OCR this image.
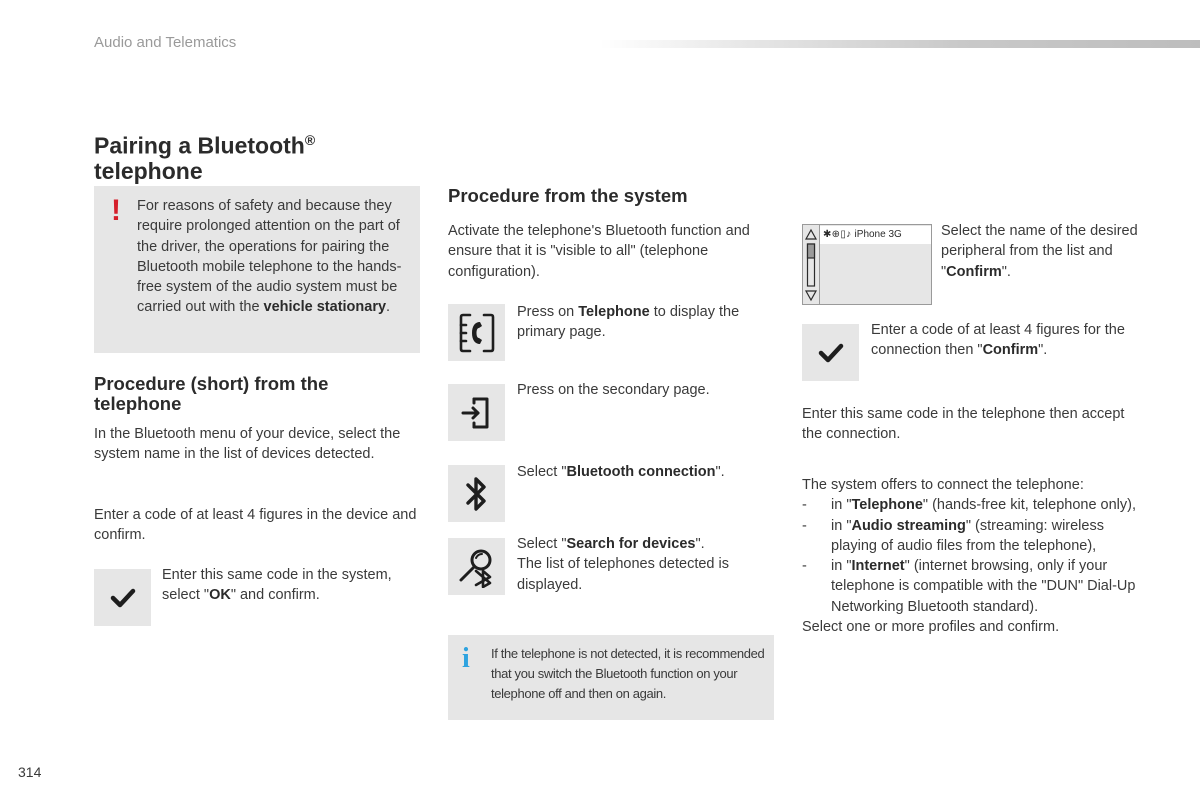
Audio and Telematics
Pairing a Bluetooth®
telephone
! For reasons of safety and because they require prolonged attention on the part of the driver, the operations for pairing the Bluetooth mobile telephone to the hands-free system of the audio system must be carried out with the vehicle stationary.
Procedure (short) from the telephone
In the Bluetooth menu of your device, select the system name in the list of devices detected.
Enter a code of at least 4 figures in the device and confirm.
Enter this same code in the system, select "OK" and confirm.
Procedure from the system
Activate the telephone's Bluetooth function and ensure that it is "visible to all" (telephone configuration).
Press on Telephone to display the primary page.
Press on the secondary page.
Select "Bluetooth connection".
Select "Search for devices".
The list of telephones detected is displayed.
i If the telephone is not detected, it is recommended that you switch the Bluetooth function on your telephone off and then on again.
✱⊕▯♪ iPhone 3G	Select the name of the desired peripheral from the list and "Confirm".
Enter a code of at least 4 figures for the connection then "Confirm".
Enter this same code in the telephone then accept the connection.
The system offers to connect the telephone:
- in "Telephone" (hands-free kit, telephone only),
- in "Audio streaming" (streaming: wireless playing of audio files from the telephone),
- in "Internet" (internet browsing, only if your telephone is compatible with the "DUN" Dial-Up Networking Bluetooth standard).
Select one or more profiles and confirm.
314
